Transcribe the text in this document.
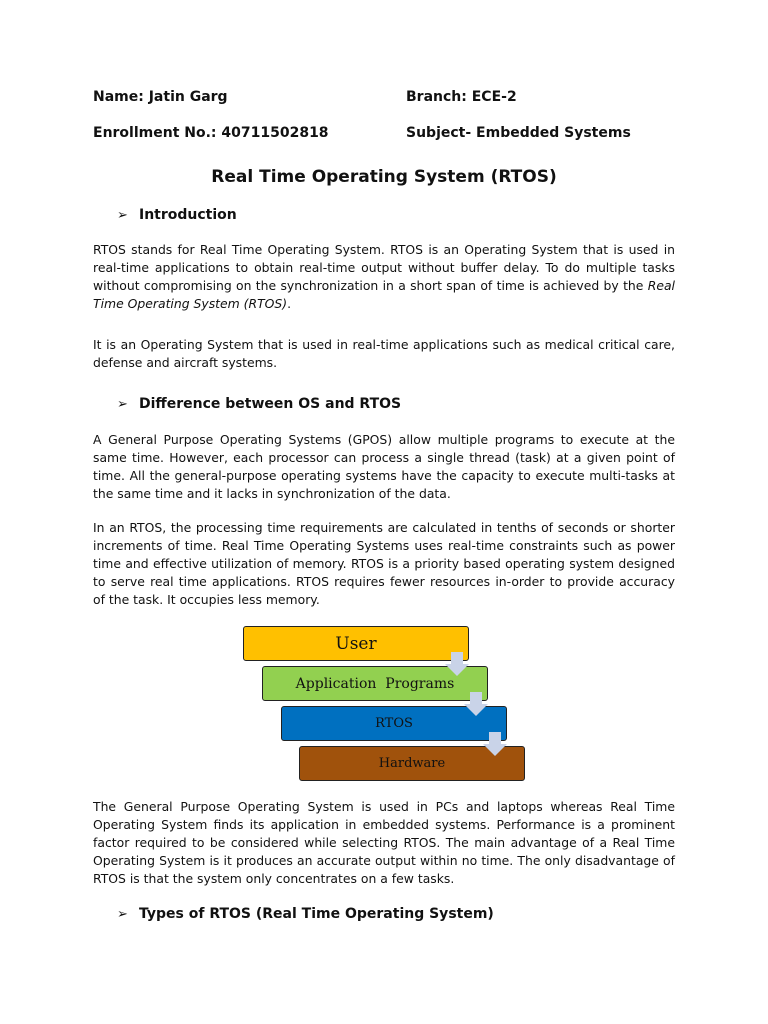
Name: Jatin Garg	Branch: ECE-2
Enrollment No.: 40711502818	Subject- Embedded Systems
Real Time Operating System (RTOS)
➢ Introduction
RTOS stands for Real Time Operating System. RTOS is an Operating System that is used in real-time applications to obtain real-time output without buffer delay. To do multiple tasks without compromising on the synchronization in a short span of time is achieved by the Real Time Operating System (RTOS).
It is an Operating System that is used in real-time applications such as medical critical care, defense and aircraft systems.
➢ Difference between OS and RTOS
A General Purpose Operating Systems (GPOS) allow multiple programs to execute at the same time. However, each processor can process a single thread (task) at a given point of time. All the general-purpose operating systems have the capacity to execute multi-tasks at the same time and it lacks in synchronization of the data.
In an RTOS, the processing time requirements are calculated in tenths of seconds or shorter increments of time. Real Time Operating Systems uses real-time constraints such as power time and effective utilization of memory. RTOS is a priority based operating system designed to serve real time applications. RTOS requires fewer resources in-order to provide accuracy of the task. It occupies less memory.
User
Application  Programs
RTOS
Hardware
The General Purpose Operating System is used in PCs and laptops whereas Real Time Operating System finds its application in embedded systems. Performance is a prominent factor required to be considered while selecting RTOS. The main advantage of a Real Time Operating System is it produces an accurate output within no time. The only disadvantage of RTOS is that the system only concentrates on a few tasks.
➢ Types of RTOS (Real Time Operating System)
